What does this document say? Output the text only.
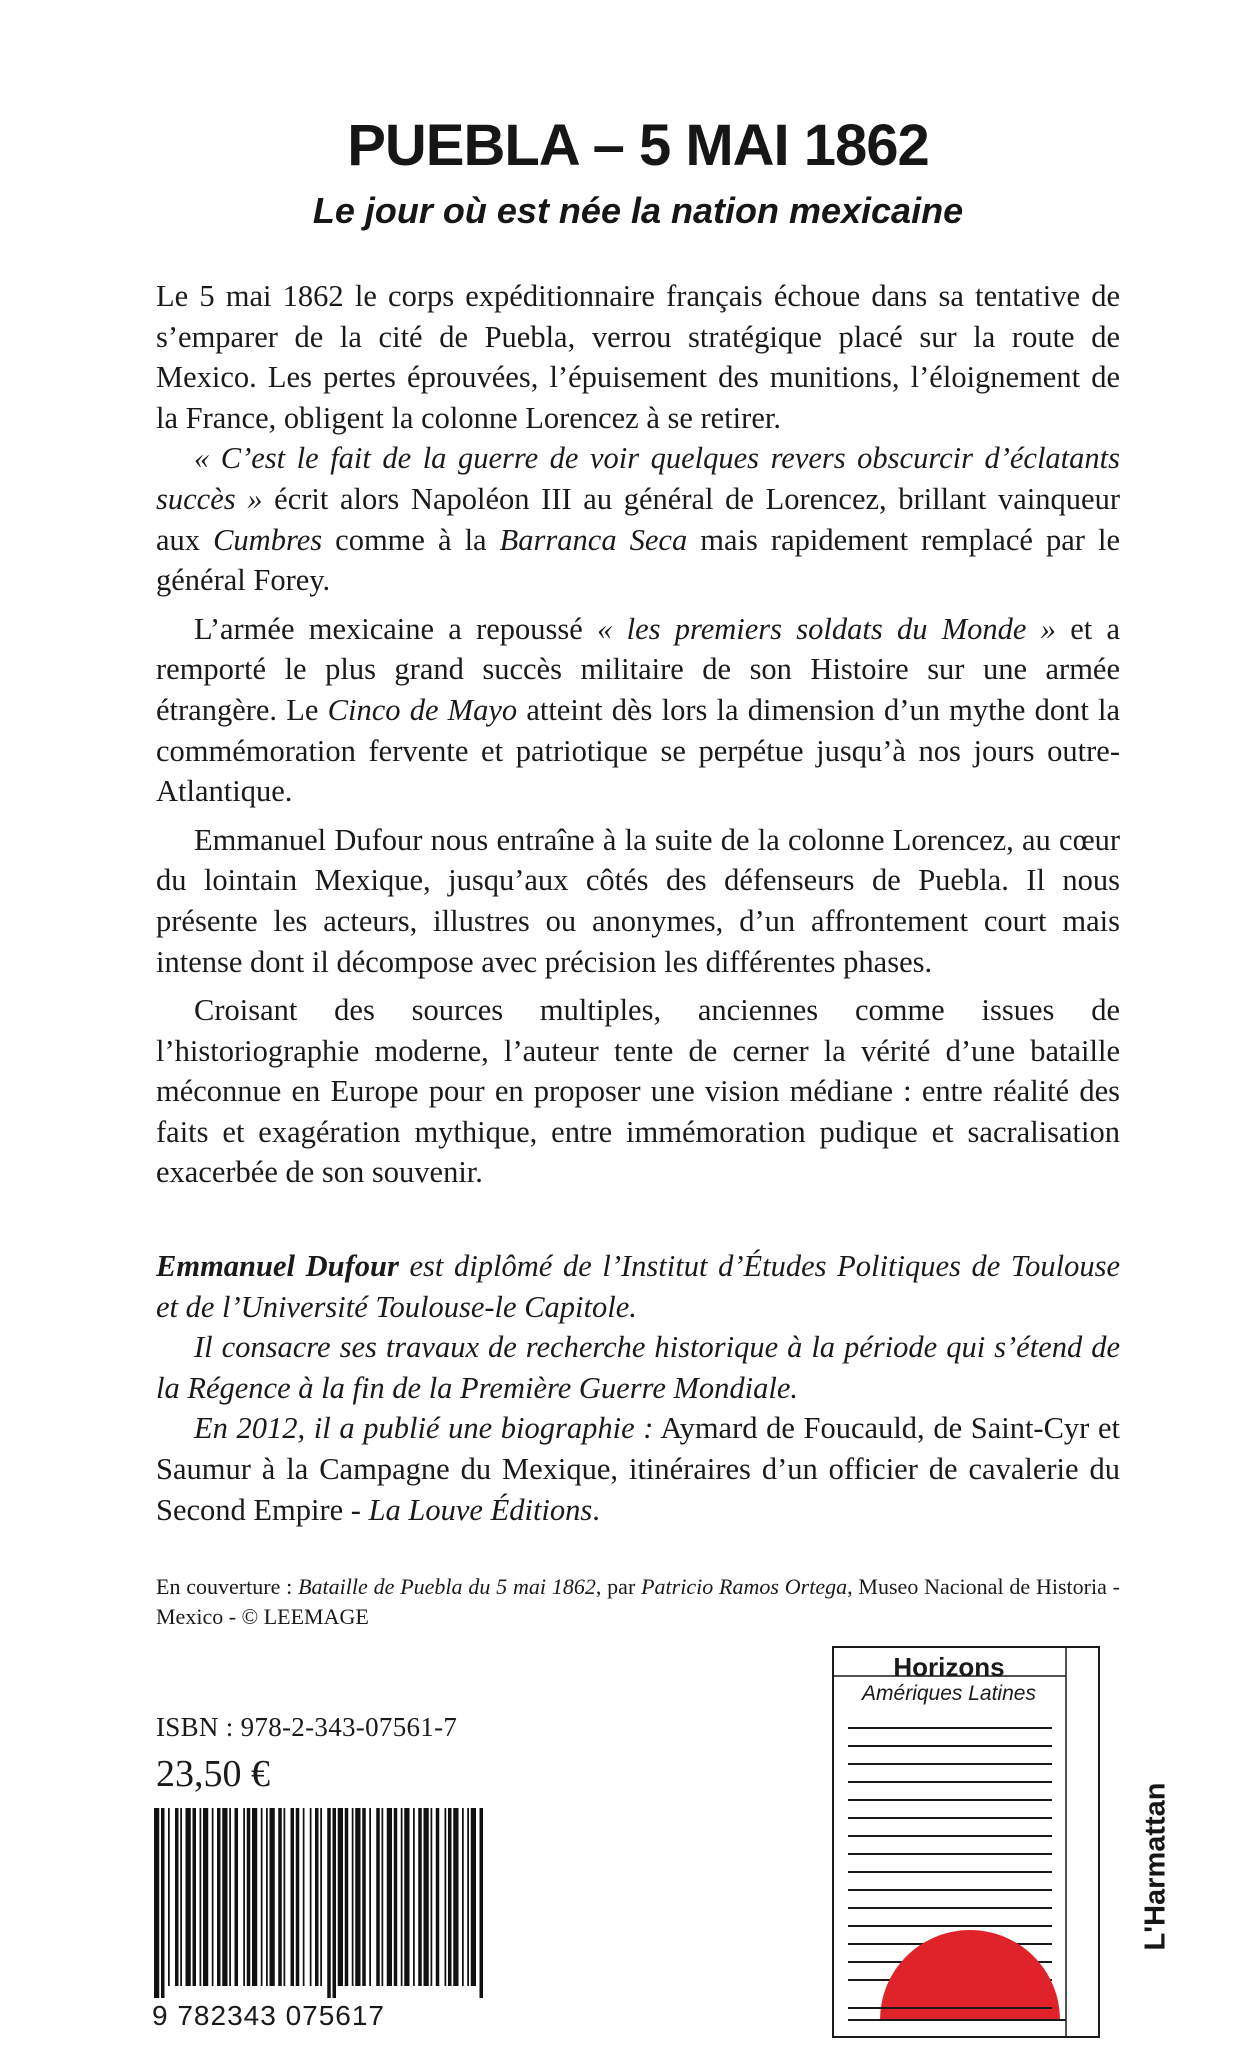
PUEBLA – 5 MAI 1862
Le jour où est née la nation mexicaine

Le 5 mai 1862 le corps expéditionnaire français échoue dans sa tentative de s’emparer de la cité de Puebla, verrou stratégique placé sur la route de Mexico. Les pertes éprouvées, l’épuisement des munitions, l’éloignement de la France, obligent la colonne Lorencez à se retirer.

« C’est le fait de la guerre de voir quelques revers obscurcir d’éclatants succès » écrit alors Napoléon III au général de Lorencez, brillant vainqueur aux Cumbres comme à la Barranca Seca mais rapidement remplacé par le général Forey.

L’armée mexicaine a repoussé « les premiers soldats du Monde » et a remporté le plus grand succès militaire de son Histoire sur une armée étrangère. Le Cinco de Mayo atteint dès lors la dimension d’un mythe dont la commémoration fervente et patriotique se perpétue jusqu’à nos jours outre-Atlantique.

Emmanuel Dufour nous entraîne à la suite de la colonne Lorencez, au cœur du lointain Mexique, jusqu’aux côtés des défenseurs de Puebla. Il nous présente les acteurs, illustres ou anonymes, d’un affrontement court mais intense dont il décompose avec précision les différentes phases.

Croisant des sources multiples, anciennes comme issues de l’historiographie moderne, l’auteur tente de cerner la vérité d’une bataille méconnue en Europe pour en proposer une vision médiane : entre réalité des faits et exagération mythique, entre immémoration pudique et sacralisation exacerbée de son souvenir.

Emmanuel Dufour est diplômé de l’Institut d’Études Politiques de Toulouse et de l’Université Toulouse-le Capitole.

Il consacre ses travaux de recherche historique à la période qui s’étend de la Régence à la fin de la Première Guerre Mondiale.

En 2012, il a publié une biographie : Aymard de Foucauld, de Saint-Cyr et Saumur à la Campagne du Mexique, itinéraires d’un officier de cavalerie du Second Empire - La Louve Éditions.

En couverture : Bataille de Puebla du 5 mai 1862, par Patricio Ramos Ortega, Museo Nacional de Historia - Mexico - © LEEMAGE
ISBN : 978-2-343-07561-7
23,50 €
9 782343 075617
Horizons
Amériques Latines
L'Harmattan
